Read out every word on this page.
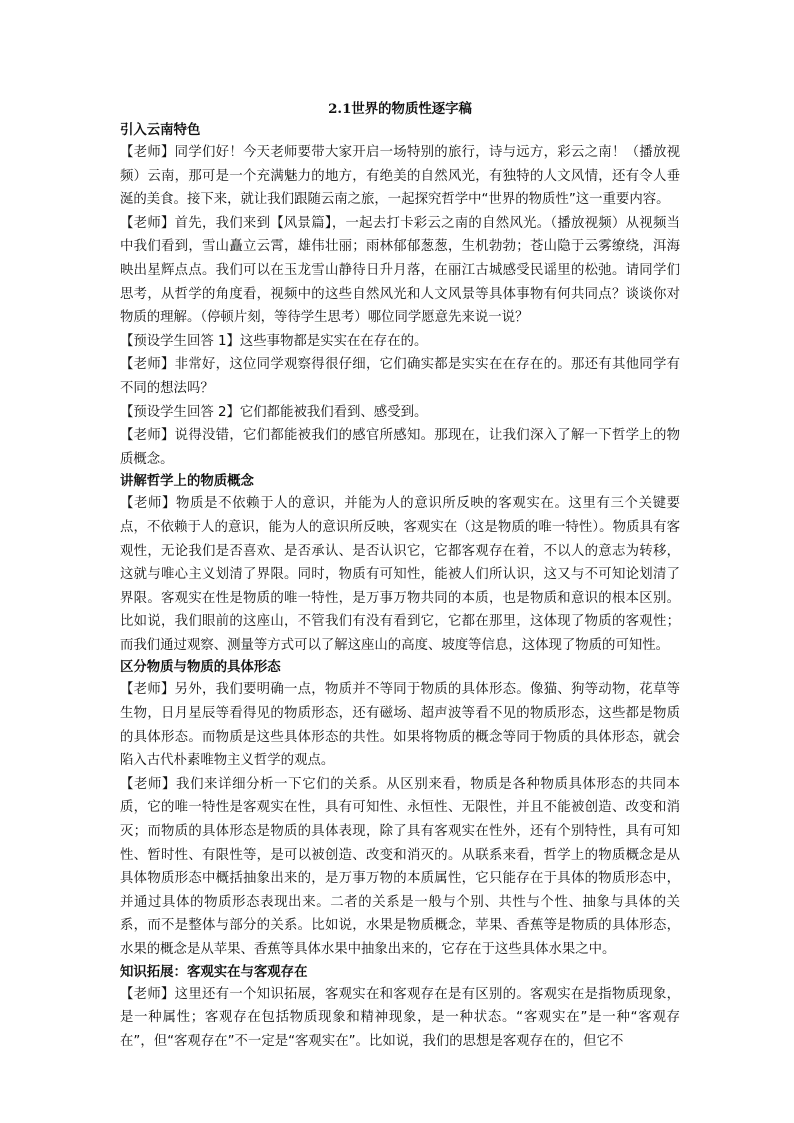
2.1世界的物质性逐字稿
引入云南特色

【老师】同学们好！今天老师要带大家开启一场特别的旅行，诗与远方，彩云之南！（播放视频）云南，那可是一个充满魅力的地方，有绝美的自然风光，有独特的人文风情，还有令人垂涎的美食。接下来，就让我们跟随云南之旅，一起探究哲学中“世界的物质性”这一重要内容。

【老师】首先，我们来到【风景篇】，一起去打卡彩云之南的自然风光。（播放视频）从视频当中我们看到，雪山矗立云霄，雄伟壮丽；雨林郁郁葱葱，生机勃勃；苍山隐于云雾缭绕，洱海映出星辉点点。我们可以在玉龙雪山静待日升月落，在丽江古城感受民谣里的松弛。请同学们思考，从哲学的角度看，视频中的这些自然风光和人文风景等具体事物有何共同点？谈谈你对物质的理解。（停顿片刻，等待学生思考）哪位同学愿意先来说一说？

【预设学生回答 1】这些事物都是实实在在存在的。

【老师】非常好，这位同学观察得很仔细，它们确实都是实实在在存在的。那还有其他同学有不同的想法吗？

【预设学生回答 2】它们都能被我们看到、感受到。

【老师】说得没错，它们都能被我们的感官所感知。那现在，让我们深入了解一下哲学上的物质概念。

讲解哲学上的物质概念

【老师】物质是不依赖于人的意识，并能为人的意识所反映的客观实在。这里有三个关键要点，不依赖于人的意识，能为人的意识所反映，客观实在（这是物质的唯一特性）。物质具有客观性，无论我们是否喜欢、是否承认、是否认识它，它都客观存在着，不以人的意志为转移，这就与唯心主义划清了界限。同时，物质有可知性，能被人们所认识，这又与不可知论划清了界限。客观实在性是物质的唯一特性，是万事万物共同的本质，也是物质和意识的根本区别。比如说，我们眼前的这座山，不管我们有没有看到它，它都在那里，这体现了物质的客观性；而我们通过观察、测量等方式可以了解这座山的高度、坡度等信息，这体现了物质的可知性。

区分物质与物质的具体形态

【老师】另外，我们要明确一点，物质并不等同于物质的具体形态。像猫、狗等动物，花草等生物，日月星辰等看得见的物质形态，还有磁场、超声波等看不见的物质形态，这些都是物质的具体形态。而物质是这些具体形态的共性。如果将物质的概念等同于物质的具体形态，就会陷入古代朴素唯物主义哲学的观点。

【老师】我们来详细分析一下它们的关系。从区别来看，物质是各种物质具体形态的共同本质，它的唯一特性是客观实在性，具有可知性、永恒性、无限性，并且不能被创造、改变和消灭；而物质的具体形态是物质的具体表现，除了具有客观实在性外，还有个别特性，具有可知性、暂时性、有限性等，是可以被创造、改变和消灭的。从联系来看，哲学上的物质概念是从具体物质形态中概括抽象出来的，是万事万物的本质属性，它只能存在于具体的物质形态中，并通过具体的物质形态表现出来。二者的关系是一般与个别、共性与个性、抽象与具体的关系，而不是整体与部分的关系。比如说，水果是物质概念，苹果、香蕉等是物质的具体形态，水果的概念是从苹果、香蕉等具体水果中抽象出来的，它存在于这些具体水果之中。

知识拓展：客观实在与客观存在

【老师】这里还有一个知识拓展，客观实在和客观存在是有区别的。客观实在是指物质现象，是一种属性；客观存在包括物质现象和精神现象，是一种状态。“客观实在”是一种“客观存在”，但“客观存在”不一定是“客观实在”。比如说，我们的思想是客观存在的，但它不
